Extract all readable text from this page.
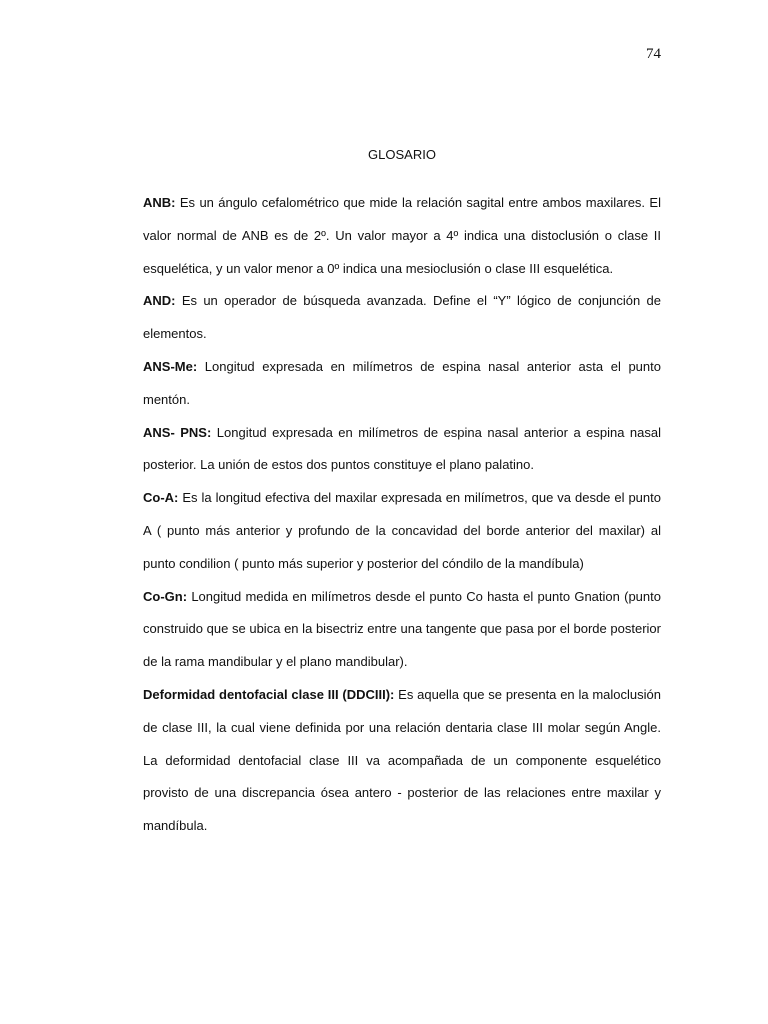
74
GLOSARIO

ANB: Es un ángulo cefalométrico que mide la relación sagital entre ambos maxilares. El valor normal de ANB es de 2º. Un valor mayor a 4º indica una distoclusión o clase II esquelética, y un valor menor a 0º indica una mesioclusión o clase III esquelética.

AND: Es un operador de búsqueda avanzada. Define el “Y” lógico de conjunción de elementos.

ANS-Me: Longitud expresada en milímetros de espina nasal anterior asta el punto mentón.

ANS- PNS: Longitud expresada en milímetros de espina nasal anterior a espina nasal posterior. La unión de estos dos puntos constituye el plano palatino.

Co-A: Es la longitud efectiva del maxilar expresada en milímetros, que va desde el punto A ( punto más anterior y profundo de la concavidad del borde anterior del maxilar) al punto condilion ( punto más superior y posterior del cóndilo de la mandíbula)

Co-Gn: Longitud medida en milímetros desde el punto Co hasta el punto Gnation (punto construido que se ubica en la bisectriz entre una tangente que pasa por el borde posterior de la rama mandibular y el plano mandibular).

Deformidad dentofacial clase III (DDCIII): Es aquella que se presenta en la maloclusión de clase III, la cual viene definida por una relación dentaria clase III molar según Angle. La deformidad dentofacial clase III va acompañada de un componente esquelético provisto de una discrepancia ósea antero - posterior de las relaciones entre maxilar y mandíbula.
